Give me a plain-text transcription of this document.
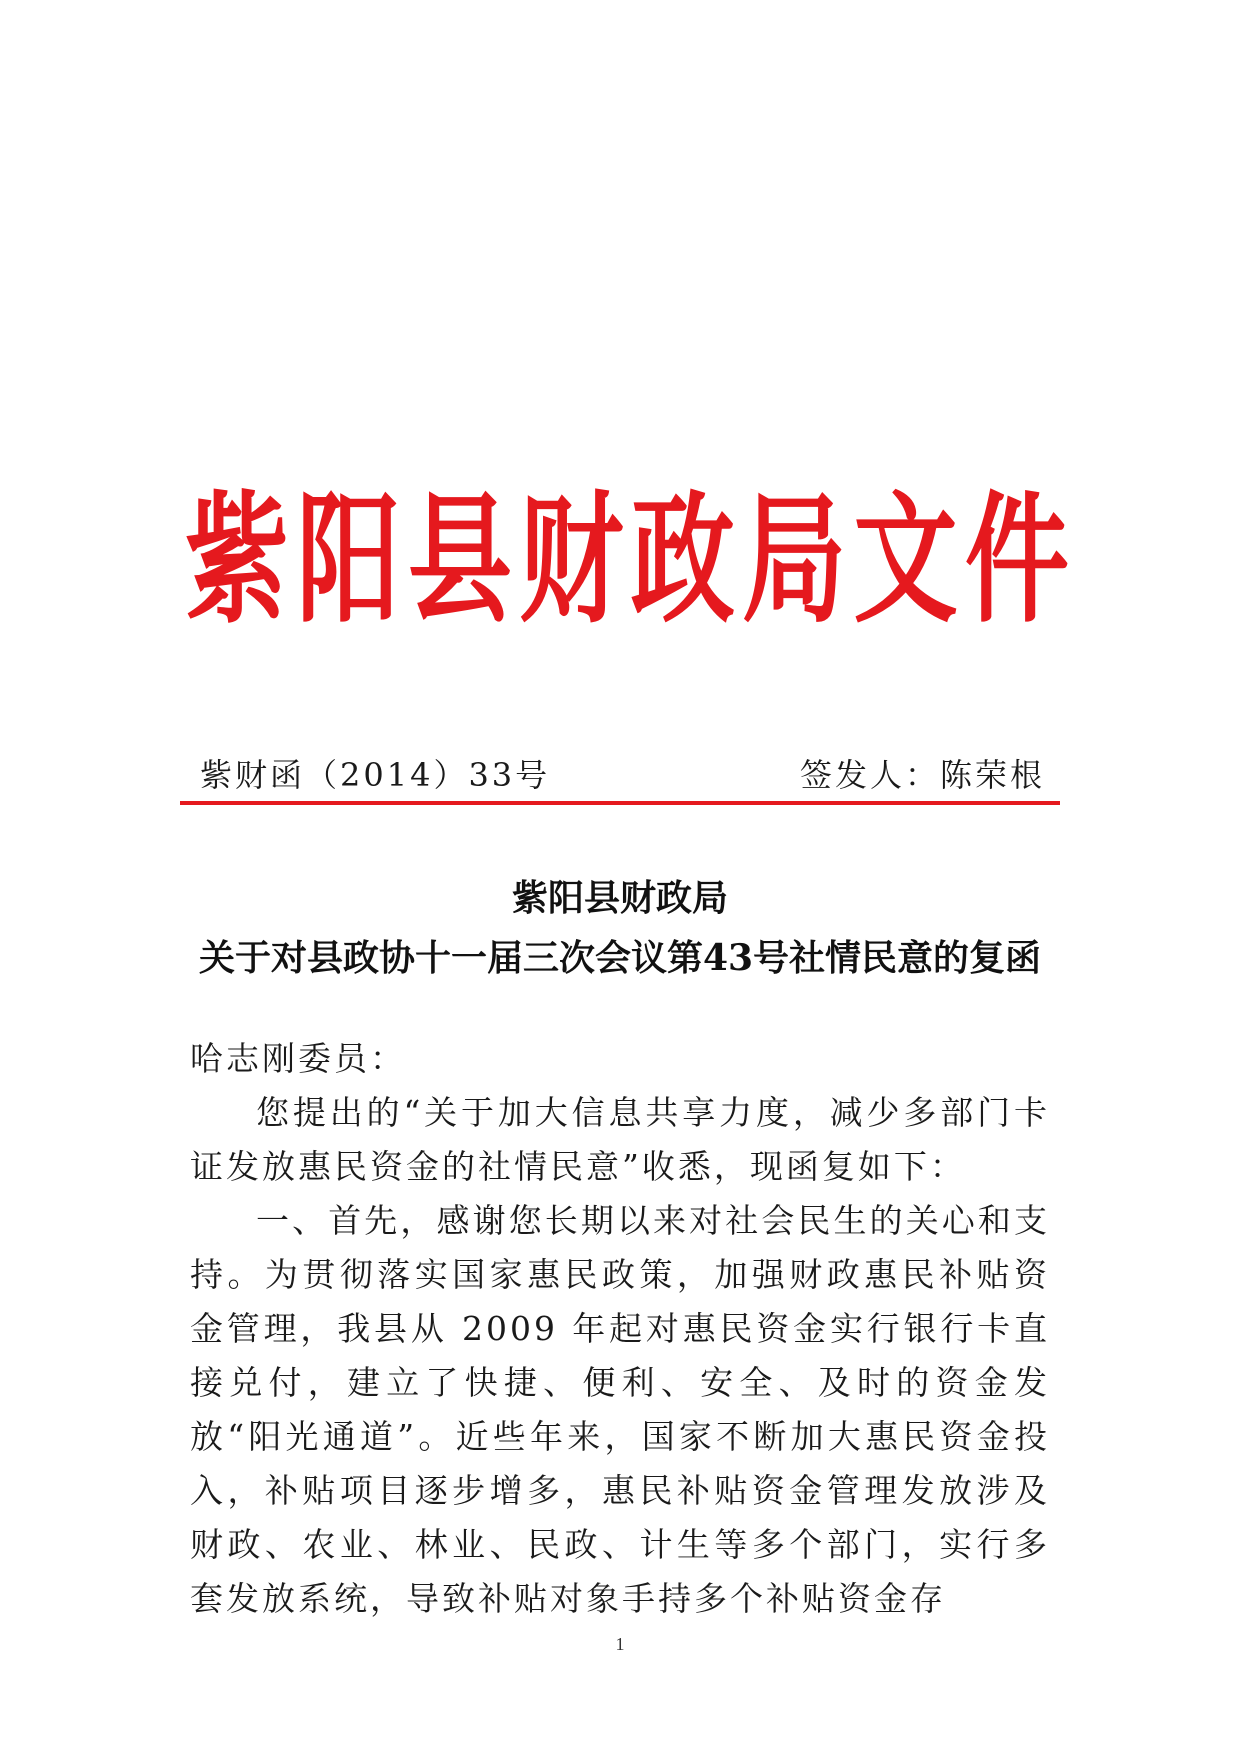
紫 阳 县 财 政 局 文 件
紫财函（2014）33号	签发人：陈荣根
紫阳县财政局
关于对县政协十一届三次会议第43号社情民意的复函

哈志刚委员：

您提出的“关于加大信息共享力度，减少多部门卡证发放惠民资金的社情民意”收悉，现函复如下：

一、首先，感谢您长期以来对社会民生的关心和支持。为贯彻落实国家惠民政策，加强财政惠民补贴资金管理，我县从 2009 年起对惠民资金实行银行卡直接兑付，建立了快捷、便利、安全、及时的资金发放“阳光通道”。近些年来，国家不断加大惠民资金投入，补贴项目逐步增多，惠民补贴资金管理发放涉及财政、农业、林业、民政、计生等多个部门，实行多套发放系统，导致补贴对象手持多个补贴资金存

1
